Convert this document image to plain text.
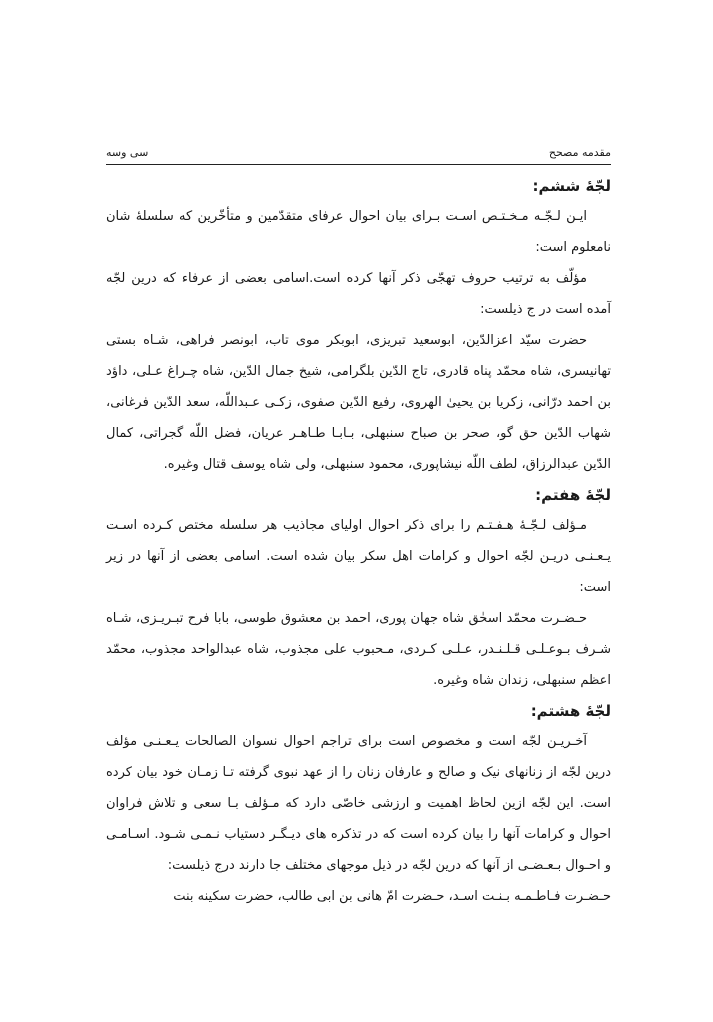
مقدمه مصحح
سی وسه

لجّهٔ ششم:

ایـن لـجّـه مـخـتـص اسـت بـرای بیان احوال عرفای متقدّمین و متأخّرین که سلسلهٔ شان نامعلوم است:

مؤلّف به ترتیب حروف تهجّی ذکر آنها کرده است.اسامی بعضی از عرفاء که درین لجّه آمده است در ج ذیلست:

حضرت سیّد اعزالدّین، ابوسعید تبریزی، ابوبکر موی تاب، ابونصر فراهی، شـاه بستی تهانیسری، شاه محمّد پناه قادری، تاج الدّین بلگرامی، شیخ جمال الدّین، شاه چـراغ عـلی، داؤد بن احمد درّانی، زکریا بن یحییٰ الهروی، رفیع الدّین صفوی، زکـی عـبداللّه، سعد الدّین فرغانی، شهاب الدّین حق گو، صحر بن صباح سنبهلی، بـابـا طـاهـر عریان، فضل اللّه گجراتی، کمال الدّین عبدالرزاق، لطف اللّه نیشاپوری، محمود سنبهلی، ولی شاه یوسف قتال وغیره.

لجّهٔ هفتم:

مـؤلف لـجّـهٔ هـفـتـم را برای ذکر احوال اولیای مجاذیب هر سلسله مختص کـرده اسـت یـعـنـی دریـن لجّه احوال و کرامات اهل سکر بیان شده است. اسامی بعضی از آنها در زیر است:

حـضـرت محمّد اسحٰق شاه جهان پوری، احمد بن معشوق طوسی، بابا فرح تبـریـزی، شـاه شـرف بـوعـلـی قـلـنـدر، عـلـی کـردی، مـحبوب علی مجذوب، شاه عبدالواحد مجذوب، محمّد اعظم سنبهلی، زندان شاه وغیره.

لجّهٔ هشتم:

آخـریـن لجّه است و مخصوص است برای تراجم احوال نسوان الصالحات یـعـنـی مؤلف درین لجّه از زنانهای نیک و صالح و عارفان زنان را از عهد نبوی گرفته تـا زمـان خود بیان کرده است. این لجّه ازین لحاظ اهمیت و ارزشی خاصّی دارد که مـؤلف بـا سعی و تلاش فراوان احوال و کرامات آنها را بیان کرده است که در تذکره های دیـگـر دستیاب نـمـی شـود. اسـامـی و احـوال بـعـضـی از آنها که درین لجّه در ذیل موجهای مختلف جا دارند درج ذیلست:

حـضـرت فـاطـمـه بـنـت اسـد، حـضرت امّ هانی بن ابی طالب، حضرت سکینه بنت
